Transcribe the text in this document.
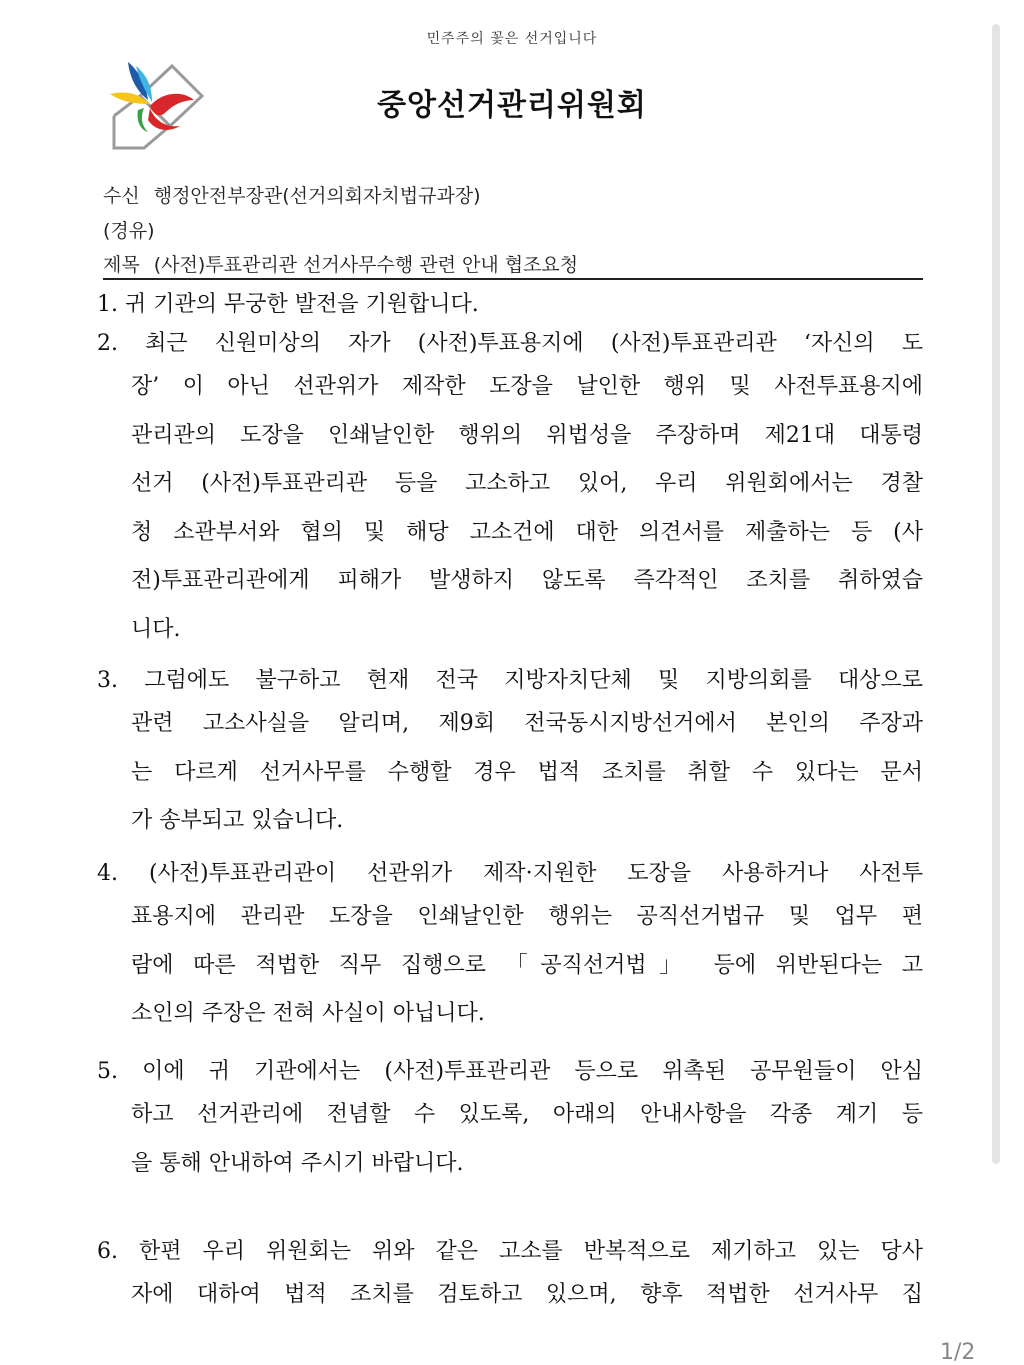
민주주의 꽃은 선거입니다
중앙선거관리위원회
수신 행정안전부장관(선거의회자치법규과장)
(경유)
제목 (사전)투표관리관 선거사무수행 관련 안내 협조요청
1. 귀 기관의 무궁한 발전을 기원합니다.
2. 최근 신원미상의 자가 (사전)투표용지에 (사전)투표관리관 ‘자신의 도
장’ 이 아닌 선관위가 제작한 도장을 날인한 행위 및 사전투표용지에
관리관의 도장을 인쇄날인한 행위의 위법성을 주장하며 제21대 대통령
선거 (사전)투표관리관 등을 고소하고 있어, 우리 위원회에서는 경찰
청 소관부서와 협의 및 해당 고소건에 대한 의견서를 제출하는 등 (사
전)투표관리관에게 피해가 발생하지 않도록 즉각적인 조치를 취하였습
니다.
3. 그럼에도 불구하고 현재 전국 지방자치단체 및 지방의회를 대상으로
관련 고소사실을 알리며, 제9회 전국동시지방선거에서 본인의 주장과
는 다르게 선거사무를 수행할 경우 법적 조치를 취할 수 있다는 문서
가 송부되고 있습니다.
4. (사전)투표관리관이 선관위가 제작·지원한 도장을 사용하거나 사전투
표용지에 관리관 도장을 인쇄날인한 행위는 공직선거법규 및 업무 편
람에 따른 적법한 직무 집행으로 「공직선거법」 등에 위반된다는 고
소인의 주장은 전혀 사실이 아닙니다.
5. 이에 귀 기관에서는 (사전)투표관리관 등으로 위촉된 공무원들이 안심
하고 선거관리에 전념할 수 있도록, 아래의 안내사항을 각종 계기 등
을 통해 안내하여 주시기 바랍니다.
6. 한편 우리 위원회는 위와 같은 고소를 반복적으로 제기하고 있는 당사
자에 대하여 법적 조치를 검토하고 있으며, 향후 적법한 선거사무 집
1/2
